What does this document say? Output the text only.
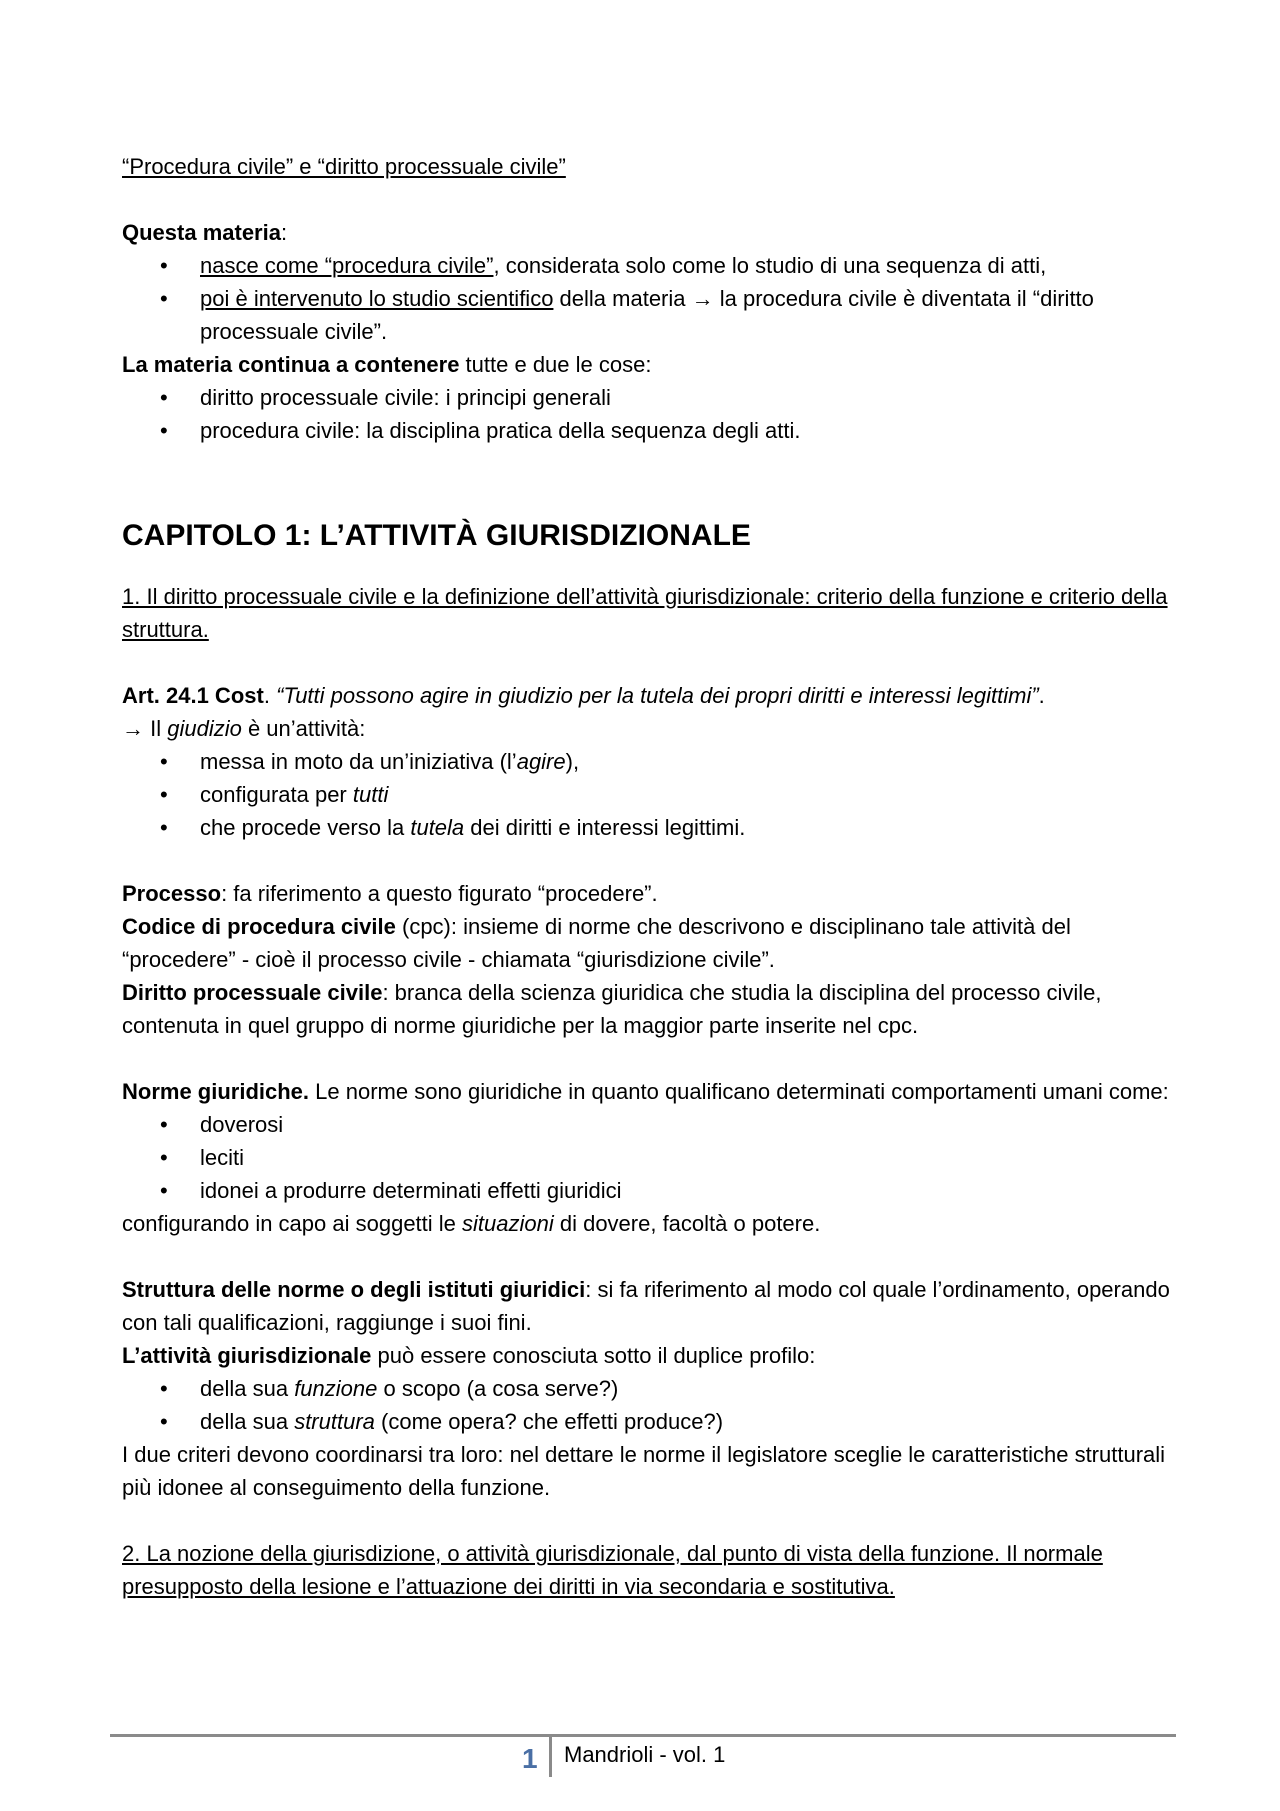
“Procedura civile” e “diritto processuale civile”

Questa materia:

• nasce come “procedura civile”, considerata solo come lo studio di una sequenza di atti,
• poi è intervenuto lo studio scientifico della materia → la procedura civile è diventata il “diritto processuale civile”.

La materia continua a contenere tutte e due le cose:

• diritto processuale civile: i principi generali
• procedura civile: la disciplina pratica della sequenza degli atti.
CAPITOLO 1: L’ATTIVITÀ GIURISDIZIONALE

1. Il diritto processuale civile e la definizione dell’attività giurisdizionale: criterio della funzione e criterio della struttura.

Art. 24.1 Cost. “Tutti possono agire in giudizio per la tutela dei propri diritti e interessi legittimi”.

→ Il giudizio è un’attività:

• messa in moto da un’iniziativa (l’agire),
• configurata per tutti
• che procede verso la tutela dei diritti e interessi legittimi.

Processo: fa riferimento a questo figurato “procedere”.

Codice di procedura civile (cpc): insieme di norme che descrivono e disciplinano tale attività del “procedere” - cioè il processo civile - chiamata “giurisdizione civile”.

Diritto processuale civile: branca della scienza giuridica che studia la disciplina del processo civile, contenuta in quel gruppo di norme giuridiche per la maggior parte inserite nel cpc.

Norme giuridiche. Le norme sono giuridiche in quanto qualificano determinati comportamenti umani come:

• doverosi
• leciti
• idonei a produrre determinati effetti giuridici

configurando in capo ai soggetti le situazioni di dovere, facoltà o potere.

Struttura delle norme o degli istituti giuridici: si fa riferimento al modo col quale l’ordinamento, operando con tali qualificazioni, raggiunge i suoi fini.

L’attività giurisdizionale può essere conosciuta sotto il duplice profilo:

• della sua funzione o scopo (a cosa serve?)
• della sua struttura (come opera? che effetti produce?)

I due criteri devono coordinarsi tra loro: nel dettare le norme il legislatore sceglie le caratteristiche strutturali più idonee al conseguimento della funzione.

2. La nozione della giurisdizione, o attività giurisdizionale, dal punto di vista della funzione. Il normale presupposto della lesione e l’attuazione dei diritti in via secondaria e sostitutiva.

1 Mandrioli - vol. 1
